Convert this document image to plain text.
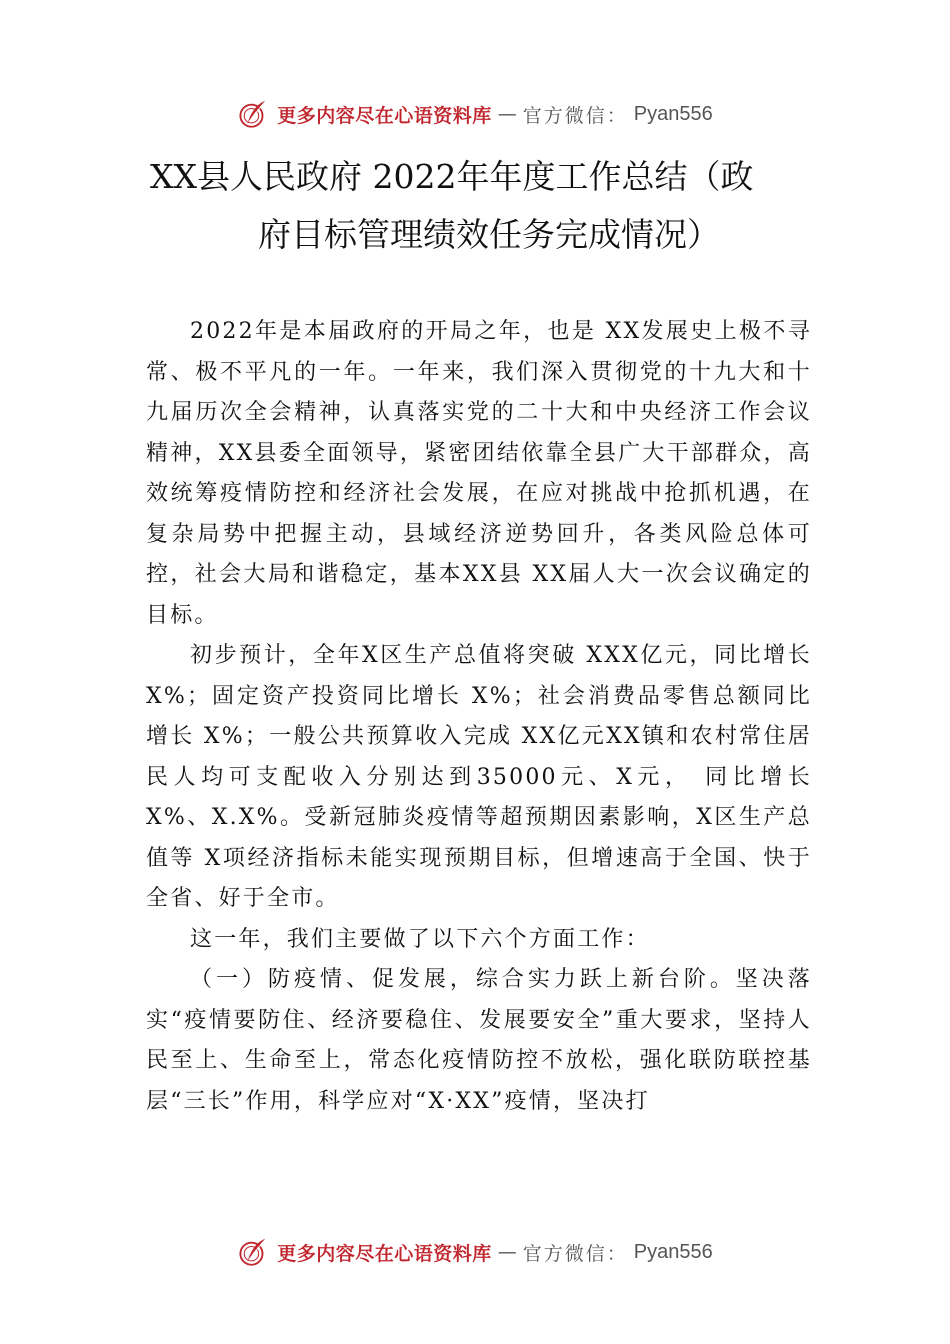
更多内容尽在心语资料库 — 官方微信： Pyan556
XX县人民政府 2022年年度工作总结（政
府目标管理绩效任务完成情况）

2022年是本届政府的开局之年，也是 XX发展史上极不寻常、极不平凡的一年。一年来，我们深入贯彻党的十九大和十九届历次全会精神，认真落实党的二十大和中央经济工作会议精神，XX县委全面领导，紧密团结依靠全县广大干部群众，高效统筹疫情防控和经济社会发展，在应对挑战中抢抓机遇，在复杂局势中把握主动，县域经济逆势回升，各类风险总体可控，社会大局和谐稳定，基本XX县 XX届人大一次会议确定的目标。

初步预计，全年X区生产总值将突破 XXX亿元，同比增长 X%；固定资产投资同比增长 X%；社会消费品零售总额同比增长 X%；一般公共预算收入完成 XX亿元XX镇和农村常住居民人均可支配收入分别达到35000元、X元， 同比增长 X%、X.X%。受新冠肺炎疫情等超预期因素影响，X区生产总值等 X项经济指标未能实现预期目标，但增速高于全国、快于全省、好于全市。

这一年，我们主要做了以下六个方面工作：

（一）防疫情、促发展，综合实力跃上新台阶。坚决落实“疫情要防住、经济要稳住、发展要安全”重大要求，坚持人民至上、生命至上，常态化疫情防控不放松，强化联防联控基层“三长”作用，科学应对“X·XX”疫情，坚决打

更多内容尽在心语资料库 — 官方微信： Pyan556
